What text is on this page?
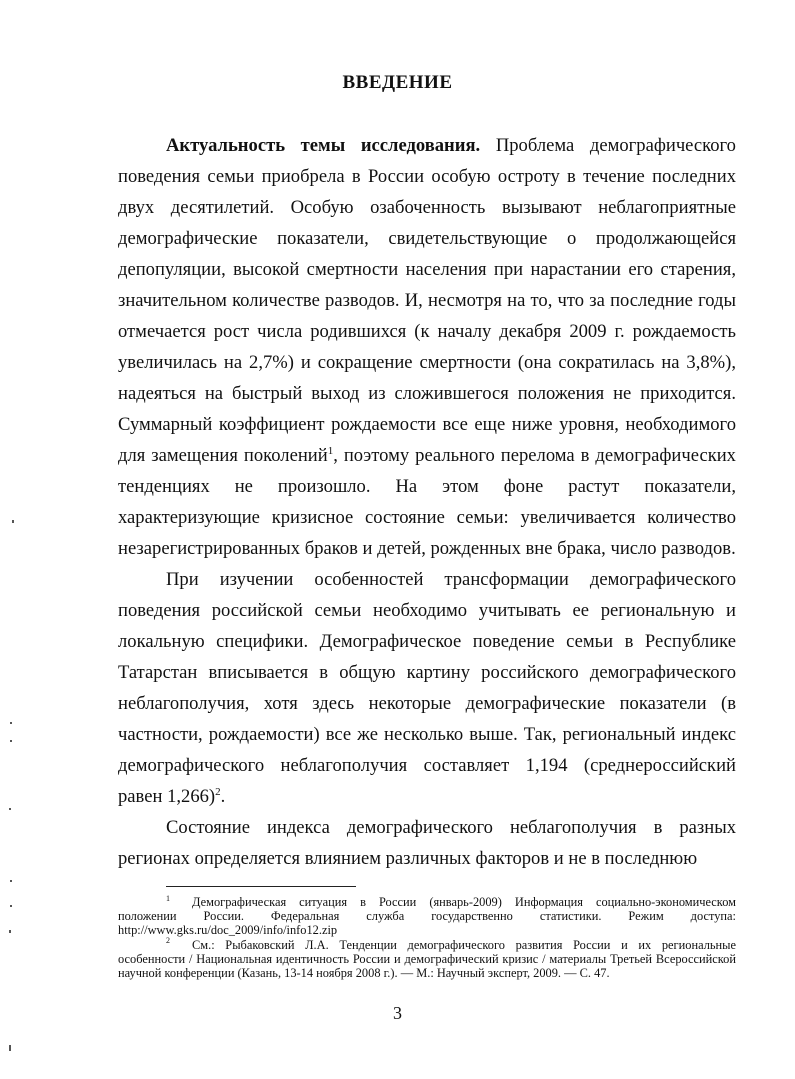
ВВЕДЕНИЕ

Актуальность темы исследования. Проблема демографического поведения семьи приобрела в России особую остроту в течение последних двух десятилетий. Особую озабоченность вызывают неблагоприятные демографические показатели, свидетельствующие о продолжающейся депопуляции, высокой смертности населения при нарастании его старения, значительном количестве разводов. И, несмотря на то, что за последние годы отмечается рост числа родившихся (к началу декабря 2009 г. рождаемость увеличилась на 2,7%) и сокращение смертности (она сократилась на 3,8%), надеяться на быстрый выход из сложившегося положения не приходится. Суммарный коэффициент рождаемости все еще ниже уровня, необходимого для замещения поколений$^1$, поэтому реального перелома в демографических тенденциях не произошло. На этом фоне растут показатели, характеризующие кризисное состояние семьи: увеличивается количество незарегистрированных браков и детей, рожденных вне брака, число разводов.

При изучении особенностей трансформации демографического поведения российской семьи необходимо учитывать ее региональную и локальную специфики. Демографическое поведение семьи в Республике Татарстан вписывается в общую картину российского демографического неблагополучия, хотя здесь некоторые демографические показатели (в частности, рождаемости) все же несколько выше. Так, региональный индекс демографического неблагополучия составляет 1,194 (среднероссийский равен 1,266)$^2$.

Состояние индекса демографического неблагополучия в разных регионах определяется влиянием различных факторов и не в последнюю

$^1$ Демографическая ситуация в России (январь-2009) Информация социально-экономическом положении России. Федеральная служба государственно статистики. Режим доступа: http://www.gks.ru/doc_2009/info/info12.zip

$^2$ См.: Рыбаковский Л.А. Тенденции демографического развития России и их региональные особенности / Национальная идентичность России и демографический кризис / материалы Третьей Всероссийской научной конференции (Казань, 13-14 ноября 2008 г.). — М.: Научный эксперт, 2009. — С. 47.

3
